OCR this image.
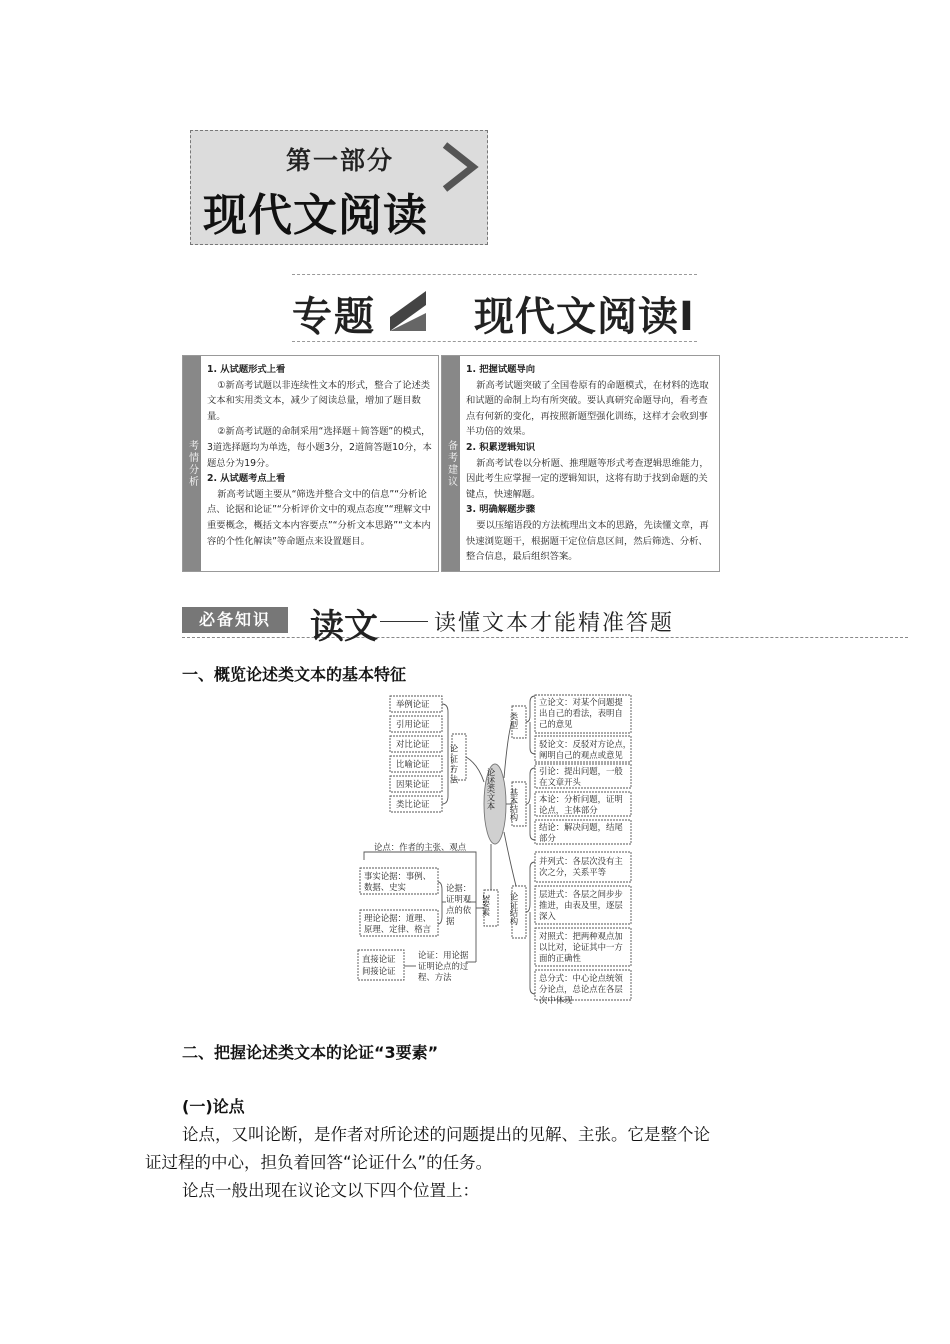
第一部分
现代文阅读
专题 现代文阅读Ⅰ
考情分析
1. 从试题形式上看
①新高考试题以非连续性文本的形式，整合了论述类文本和实用类文本，减少了阅读总量，增加了题目数量。
②新高考试题的命制采用“选择题＋简答题”的模式，3道选择题均为单选，每小题3分，2道简答题10分，本题总分为19分。
2. 从试题考点上看
新高考试题主要从“筛选并整合文中的信息”“分析论点、论据和论证”“分析评价文中的观点态度”“理解文中重要概念，概括文本内容要点”“分析文本思路”“文本内容的个性化解读”等命题点来设置题目。
备考建议
1. 把握试题导向
新高考试题突破了全国卷原有的命题模式，在材料的选取和试题的命制上均有所突破。要认真研究命题导向，看考查点有何新的变化，再按照新题型强化训练，这样才会收到事半功倍的效果。
2. 积累逻辑知识
新高考试卷以分析题、推理题等形式考查逻辑思维能力，因此考生应掌握一定的逻辑知识，这将有助于找到命题的关键点，快速解题。
3. 明确解题步骤
要以压缩语段的方法梳理出文本的思路，先读懂文章，再快速浏览题干，根据题干定位信息区间，然后筛选、分析、整合信息，最后组织答案。
必备知识	读文	读懂文本才能精准答题
一、概览论述类文本的基本特征
举例论证
引用论证
对比论证
比喻论证
因果论证
类比论证
论证方法
论述类文本
类型
立论文：对某个问题提
出自己的看法，表明自
己的意见
驳论文：反驳对方论点，
阐明自己的观点或意见
基本结构
引论：提出问题，一般
在文章开头
本论：分析问题，证明
论点，主体部分
结论：解决问题，结尾
部分
论证结构
并列式：各层次没有主
次之分，关系平等
层进式：各层之间步步
推进，由表及里，逐层
深入
对照式：把两种观点加
以比对，论证其中一方
面的正确性
总分式：中心论点统领
分论点，总论点在各层
次中体现
3要素
论点：作者的主张、观点
事实论据：事例、
数据、史实
理论论据：道理、
原理、定律、格言
论据：
证明观
点的依
据
直接论证
间接论证
论证：用论据
证明论点的过
程、方法
二、把握论述类文本的论证“3要素”
(一)论点
论点，又叫论断，是作者对所论述的问题提出的见解、主张。它是整个论
证过程的中心，担负着回答“论证什么”的任务。
论点一般出现在议论文以下四个位置上：
